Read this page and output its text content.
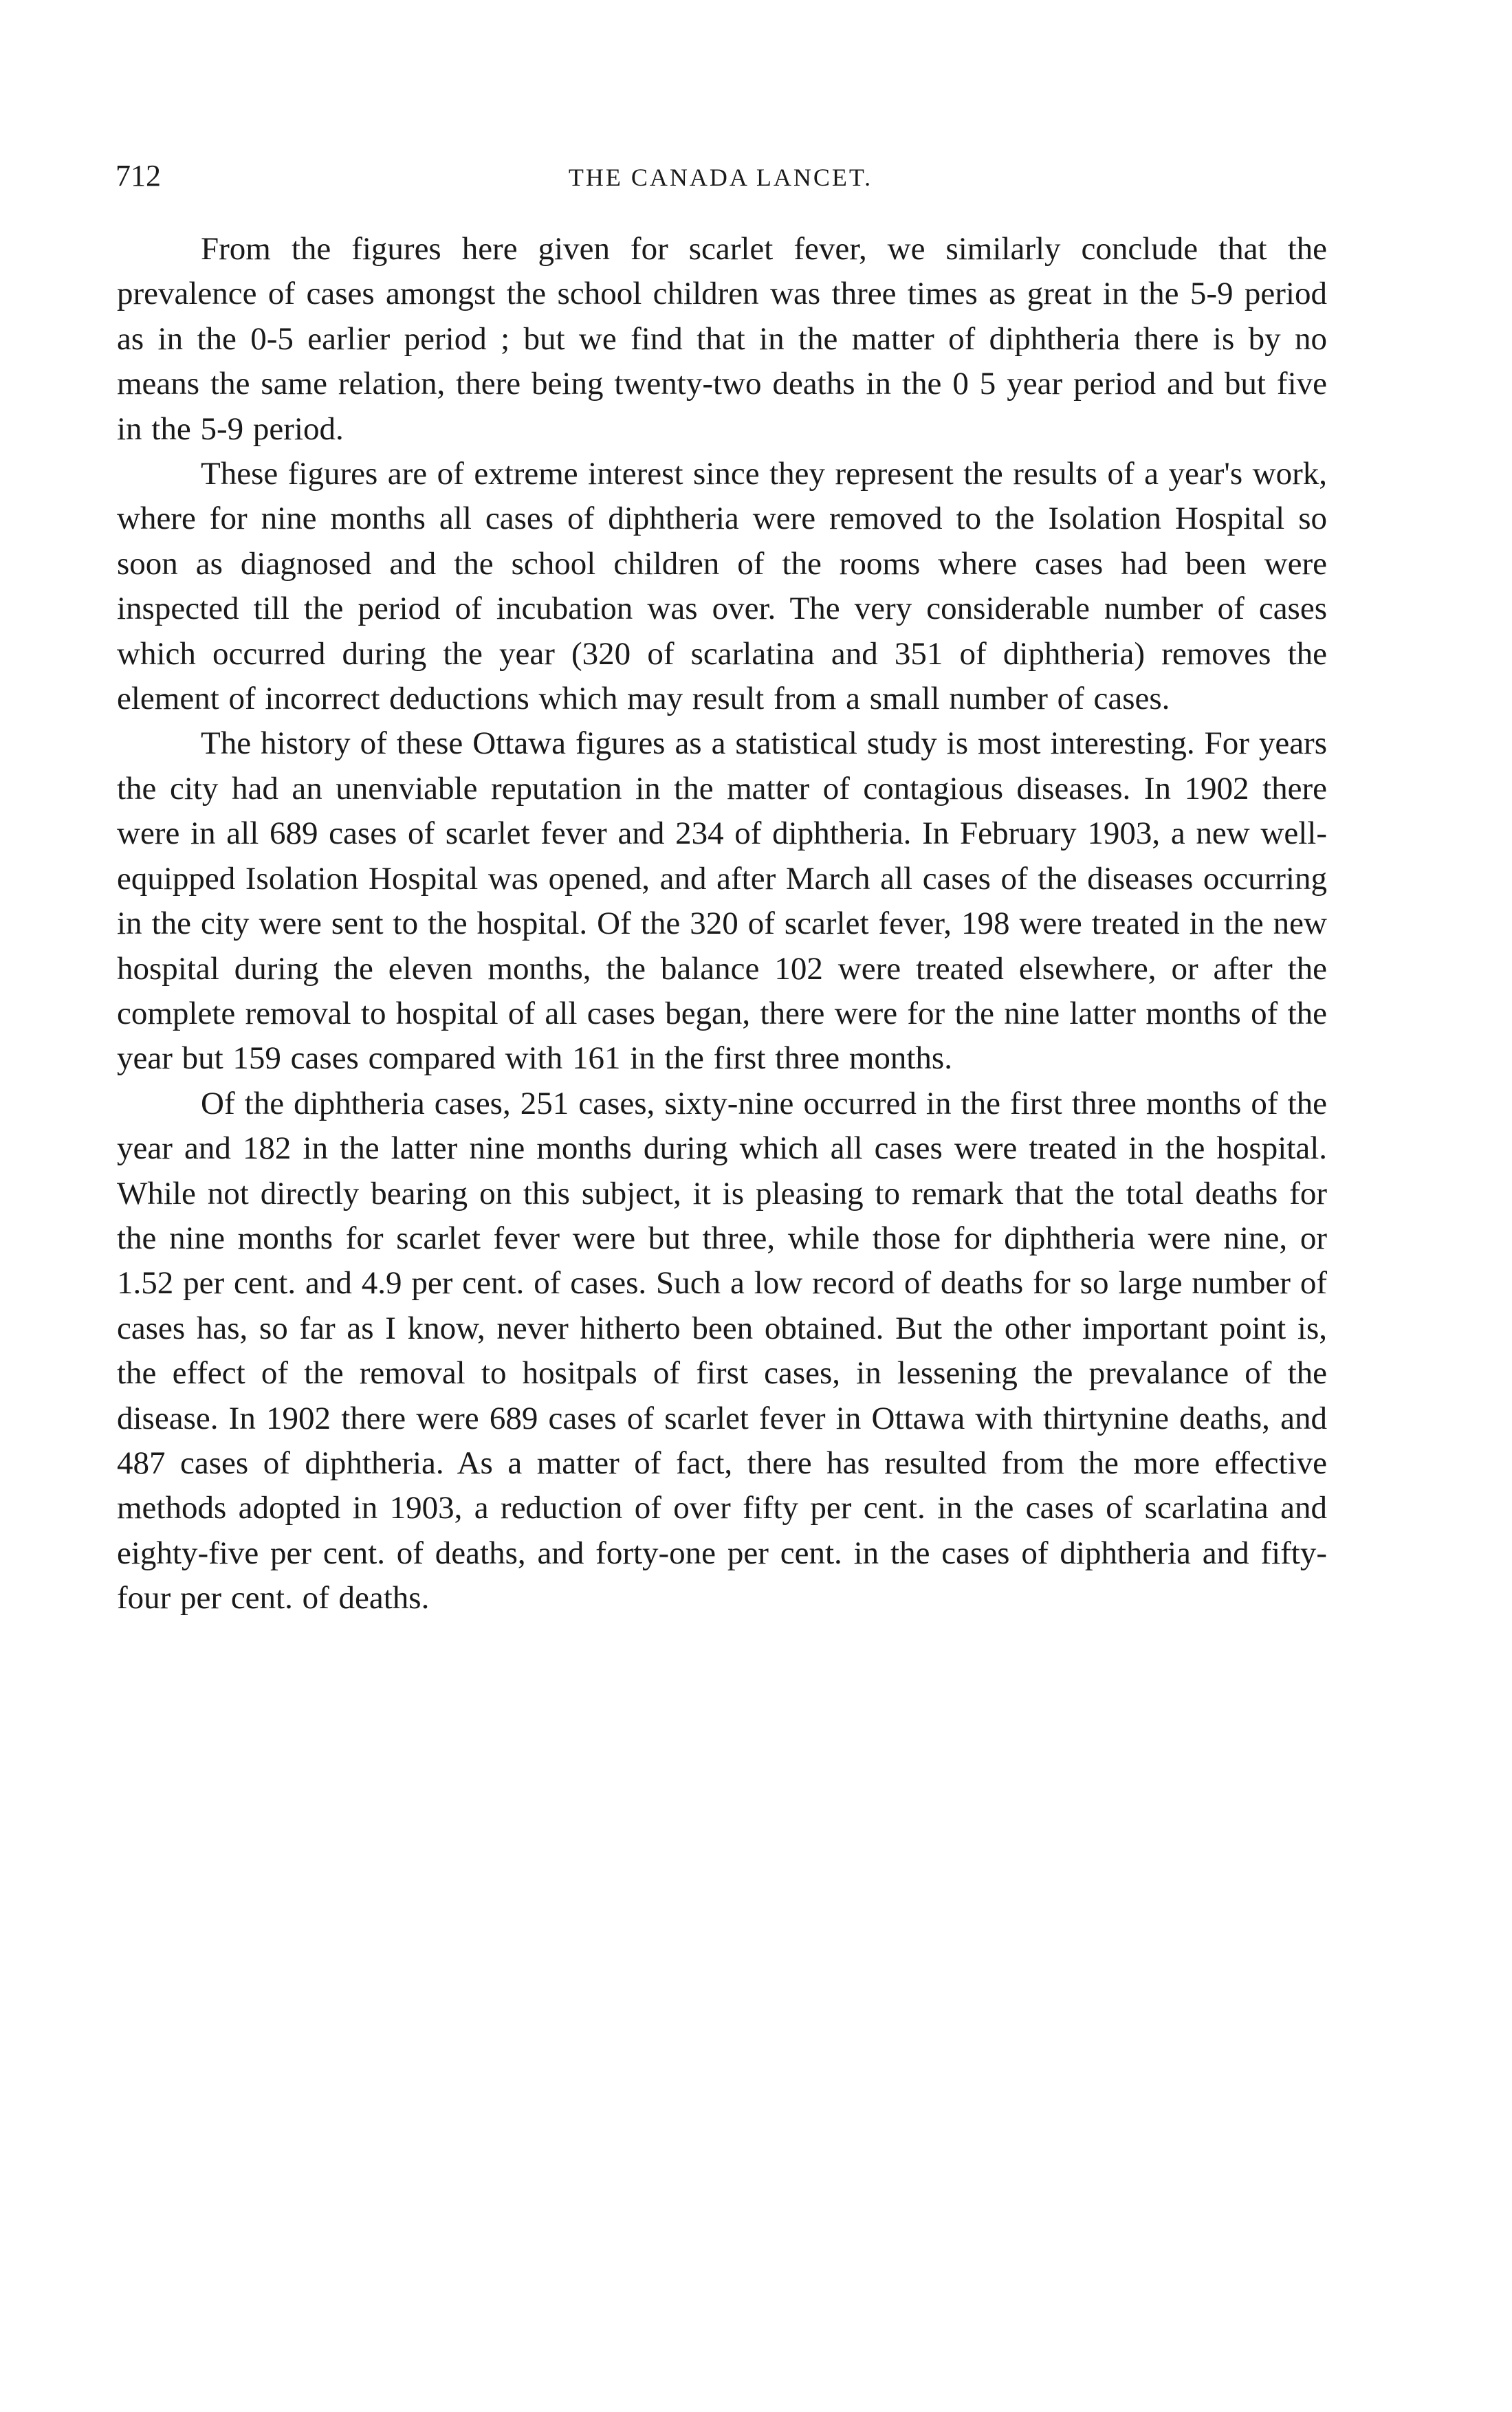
712	THE CANADA LANCET.

From the figures here given for scarlet fever, we similarly conclude that the prevalence of cases amongst the school children was three times as great in the 5-9 period as in the 0-5 earlier period ; but we find that in the matter of diphtheria there is by no means the same relation, there being twenty-two deaths in the 0 5 year period and but five in the 5-9 period.

These figures are of extreme interest since they represent the results of a year's work, where for nine months all cases of diphtheria were removed to the Isolation Hospital so soon as diagnosed and the school children of the rooms where cases had been were inspected till the period of incubation was over. The very considerable number of cases which occurred during the year (320 of scarlatina and 351 of diphtheria) removes the element of incorrect deductions which may result from a small number of cases.

The history of these Ottawa figures as a statistical study is most interesting. For years the city had an unenviable reputation in the matter of contagious diseases. In 1902 there were in all 689 cases of scarlet fever and 234 of diphtheria. In February 1903, a new well-equipped Isolation Hospital was opened, and after March all cases of the diseases occurring in the city were sent to the hospital. Of the 320 of scarlet fever, 198 were treated in the new hospital during the eleven months, the balance 102 were treated elsewhere, or after the complete removal to hospital of all cases began, there were for the nine latter months of the year but 159 cases compared with 161 in the first three months.

Of the diphtheria cases, 251 cases, sixty-nine occurred in the first three months of the year and 182 in the latter nine months during which all cases were treated in the hospital. While not directly bearing on this subject, it is pleasing to remark that the total deaths for the nine months for scarlet fever were but three, while those for diphtheria were nine, or 1.52 per cent. and 4.9 per cent. of cases. Such a low record of deaths for so large number of cases has, so far as I know, never hitherto been obtained. But the other important point is, the effect of the removal to hositpals of first cases, in lessening the prevalance of the disease. In 1902 there were 689 cases of scarlet fever in Ottawa with thirtynine deaths, and 487 cases of diphtheria. As a matter of fact, there has resulted from the more effective methods adopted in 1903, a reduction of over fifty per cent. in the cases of scarlatina and eighty-five per cent. of deaths, and forty-one per cent. in the cases of diphtheria and fifty-four per cent. of deaths.
